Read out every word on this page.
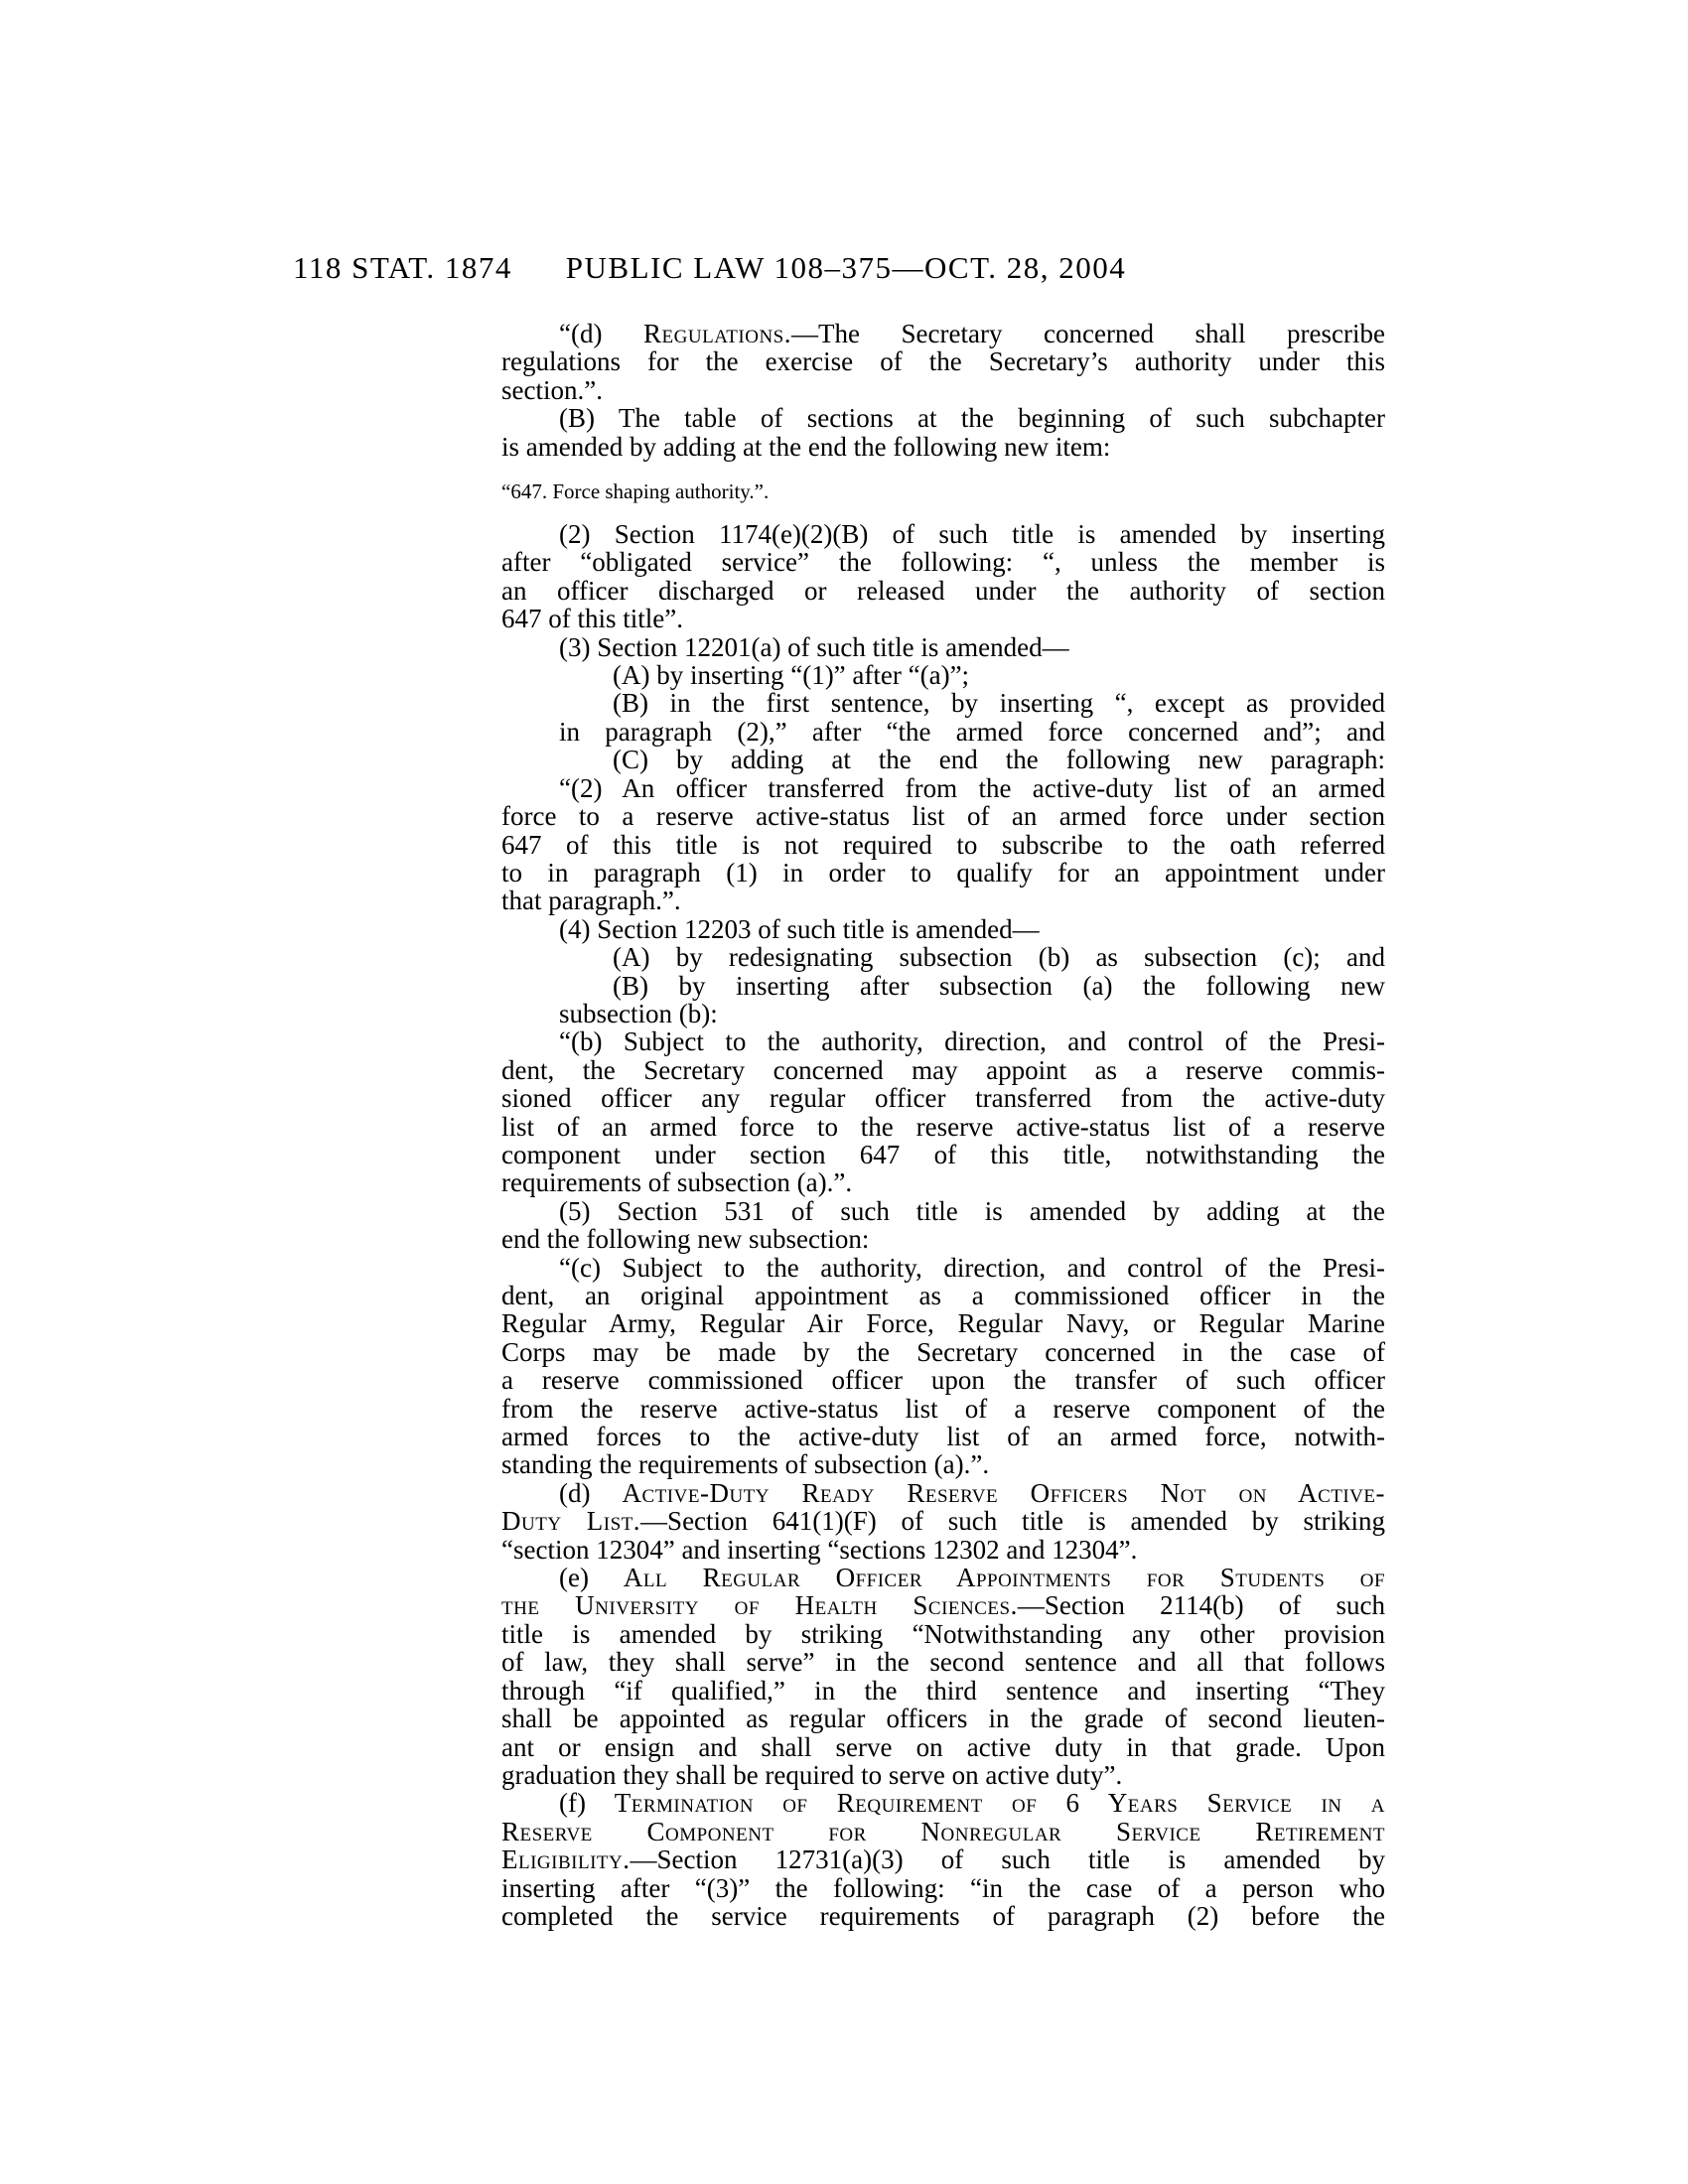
118 STAT. 1874 PUBLIC LAW 108–375—OCT. 28, 2004
“(d) Regulations.—The Secretary concerned shall prescribe
regulations for the exercise of the Secretary’s authority under this
section.”.
(B) The table of sections at the beginning of such subchapter
is amended by adding at the end the following new item:
“647. Force shaping authority.”.
(2) Section 1174(e)(2)(B) of such title is amended by inserting
after “obligated service” the following: “, unless the member is
an officer discharged or released under the authority of section
647 of this title”.
(3) Section 12201(a) of such title is amended—
(A) by inserting “(1)” after “(a)”;
(B) in the first sentence, by inserting “, except as provided
in paragraph (2),” after “the armed force concerned and”; and
(C) by adding at the end the following new paragraph:
“(2) An officer transferred from the active-duty list of an armed
force to a reserve active-status list of an armed force under section
647 of this title is not required to subscribe to the oath referred
to in paragraph (1) in order to qualify for an appointment under
that paragraph.”.
(4) Section 12203 of such title is amended—
(A) by redesignating subsection (b) as subsection (c); and
(B) by inserting after subsection (a) the following new
subsection (b):
“(b) Subject to the authority, direction, and control of the Presi-
dent, the Secretary concerned may appoint as a reserve commis-
sioned officer any regular officer transferred from the active-duty
list of an armed force to the reserve active-status list of a reserve
component under section 647 of this title, notwithstanding the
requirements of subsection (a).”.
(5) Section 531 of such title is amended by adding at the
end the following new subsection:
“(c) Subject to the authority, direction, and control of the Presi-
dent, an original appointment as a commissioned officer in the
Regular Army, Regular Air Force, Regular Navy, or Regular Marine
Corps may be made by the Secretary concerned in the case of
a reserve commissioned officer upon the transfer of such officer
from the reserve active-status list of a reserve component of the
armed forces to the active-duty list of an armed force, notwith-
standing the requirements of subsection (a).”.
(d) Active-Duty Ready Reserve Officers Not on Active-
Duty List.—Section 641(1)(F) of such title is amended by striking
“section 12304” and inserting “sections 12302 and 12304”.
(e) All Regular Officer Appointments for Students of
the University of Health Sciences.—Section 2114(b) of such
title is amended by striking “Notwithstanding any other provision
of law, they shall serve” in the second sentence and all that follows
through “if qualified,” in the third sentence and inserting “They
shall be appointed as regular officers in the grade of second lieuten-
ant or ensign and shall serve on active duty in that grade. Upon
graduation they shall be required to serve on active duty”.
(f) Termination of Requirement of 6 Years Service in a
Reserve Component for Nonregular Service Retirement
Eligibility.—Section 12731(a)(3) of such title is amended by
inserting after “(3)” the following: “in the case of a person who
completed the service requirements of paragraph (2) before the
